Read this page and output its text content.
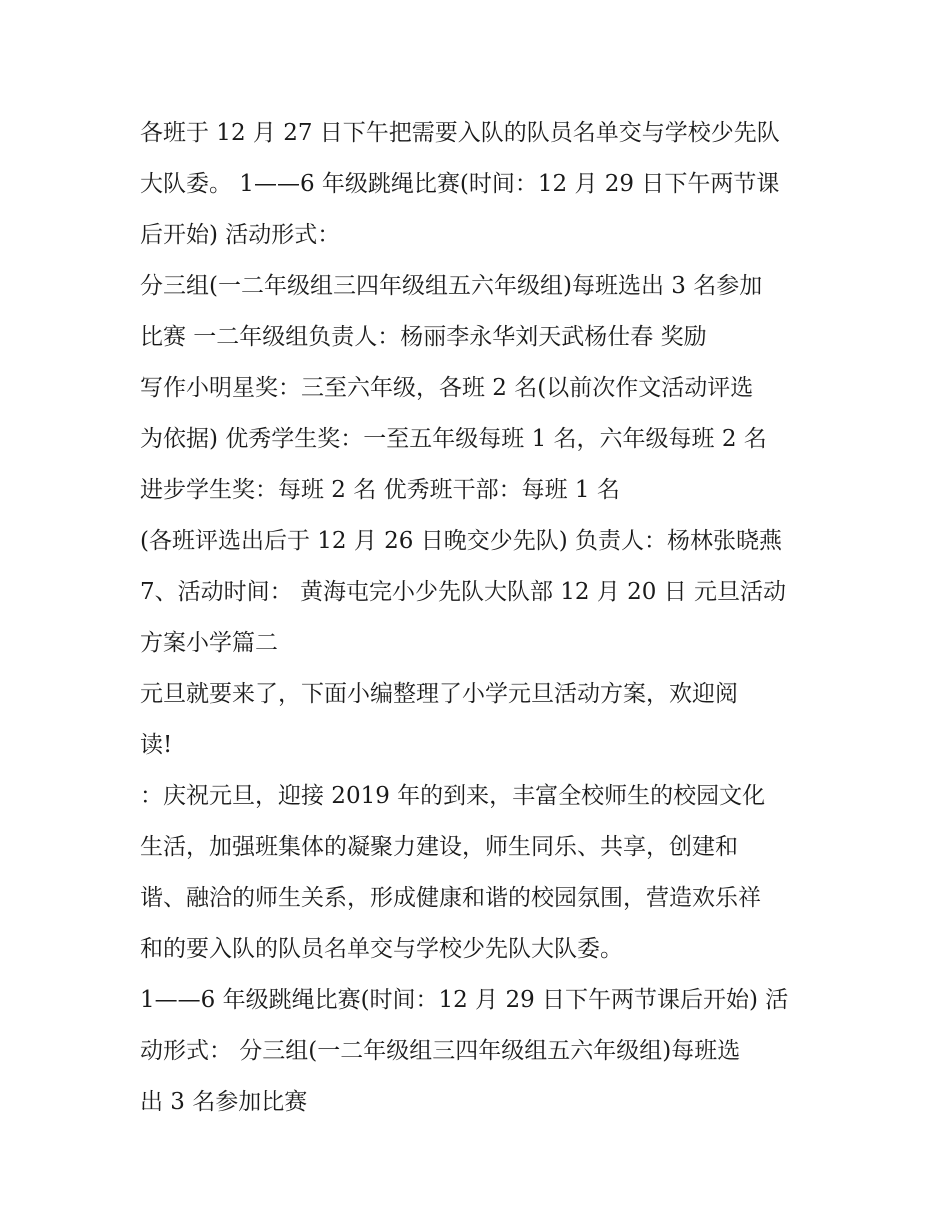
各班于 12 月 27 日下午把需要入队的队员名单交与学校少先队
大队委。 1——6 年级跳绳比赛(时间：12 月 29 日下午两节课
后开始) 活动形式：
分三组(一二年级组三四年级组五六年级组)每班选出 3 名参加
比赛 一二年级组负责人：杨丽李永华刘天武杨仕春 奖励
写作小明星奖：三至六年级，各班 2 名(以前次作文活动评选
为依据) 优秀学生奖：一至五年级每班 1 名，六年级每班 2 名
进步学生奖：每班 2 名 优秀班干部：每班 1 名
(各班评选出后于 12 月 26 日晚交少先队) 负责人：杨林张晓燕
7、活动时间： 黄海屯完小少先队大队部 12 月 20 日 元旦活动
方案小学篇二
元旦就要来了，下面小编整理了小学元旦活动方案，欢迎阅
读!
：庆祝元旦，迎接 2019 年的到来，丰富全校师生的校园文化
生活，加强班集体的凝聚力建设，师生同乐、共享，创建和
谐、融洽的师生关系，形成健康和谐的校园氛围，营造欢乐祥
和的要入队的队员名单交与学校少先队大队委。
1——6 年级跳绳比赛(时间：12 月 29 日下午两节课后开始) 活
动形式： 分三组(一二年级组三四年级组五六年级组)每班选
出 3 名参加比赛
